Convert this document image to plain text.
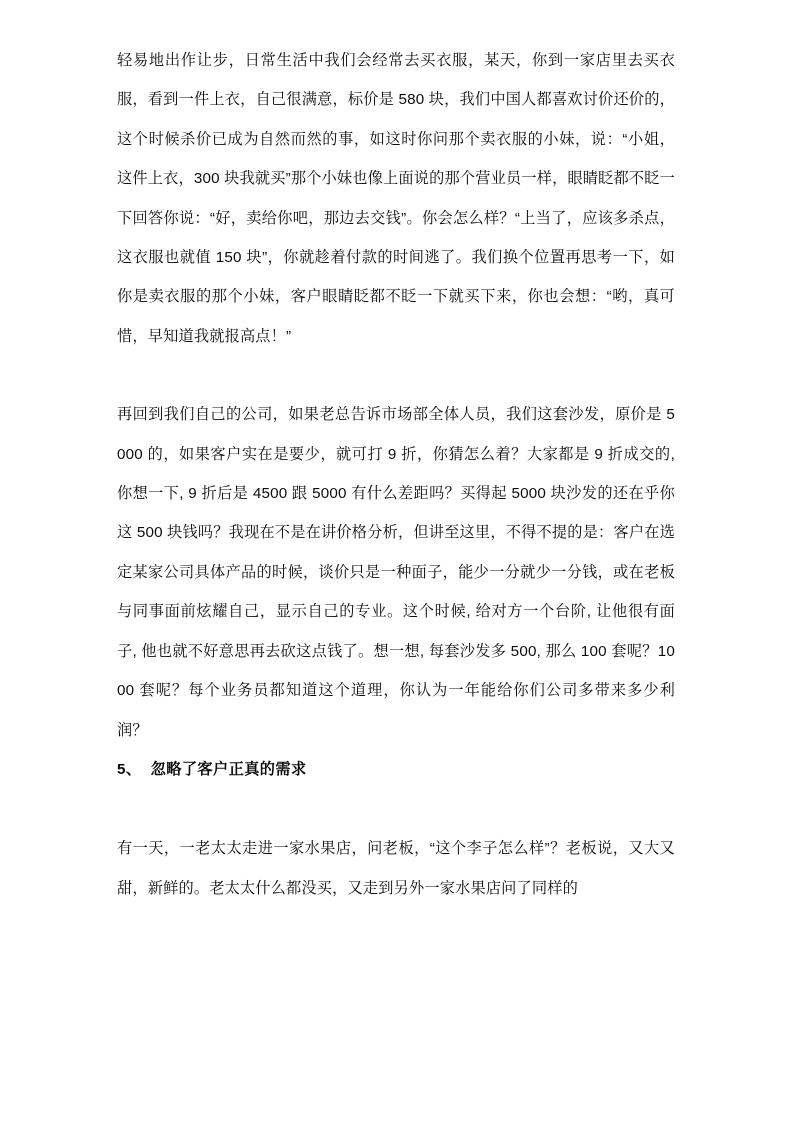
轻易地出作让步，日常生活中我们会经常去买衣服，某天，你到一家店里去买衣服，看到一件上衣，自己很满意，标价是 580 块，我们中国人都喜欢讨价还价的，这个时候杀价已成为自然而然的事，如这时你问那个卖衣服的小妹，说：“小姐，这件上衣，300 块我就买”那个小妹也像上面说的那个营业员一样，眼睛眨都不眨一下回答你说：“好，卖给你吧，那边去交钱”。你会怎么样？“上当了，应该多杀点，这衣服也就值 150 块”，你就趁着付款的时间逃了。我们换个位置再思考一下，如你是卖衣服的那个小妹，客户眼睛眨都不眨一下就买下来，你也会想：“哟，真可惜，早知道我就报高点！”

再回到我们自己的公司，如果老总告诉市场部全体人员，我们这套沙发，原价是 5000 的，如果客户实在是要少，就可打 9 折，你猜怎么着？大家都是 9 折成交的, 你想一下, 9 折后是 4500 跟 5000 有什么差距吗？买得起 5000 块沙发的还在乎你这 500 块钱吗？我现在不是在讲价格分析，但讲至这里，不得不提的是：客户在选定某家公司具体产品的时候，谈价只是一种面子，能少一分就少一分钱，或在老板与同事面前炫耀自己，显示自己的专业。这个时候, 给对方一个台阶, 让他很有面子, 他也就不好意思再去砍这点钱了。想一想, 每套沙发多 500, 那么 100 套呢？1000 套呢？每个业务员都知道这个道理，你认为一年能给你们公司多带来多少利润？

5、  忽略了客户正真的需求

有一天，一老太太走进一家水果店，问老板，“这个李子怎么样”？老板说，又大又甜，新鲜的。老太太什么都没买，又走到另外一家水果店问了同样的
